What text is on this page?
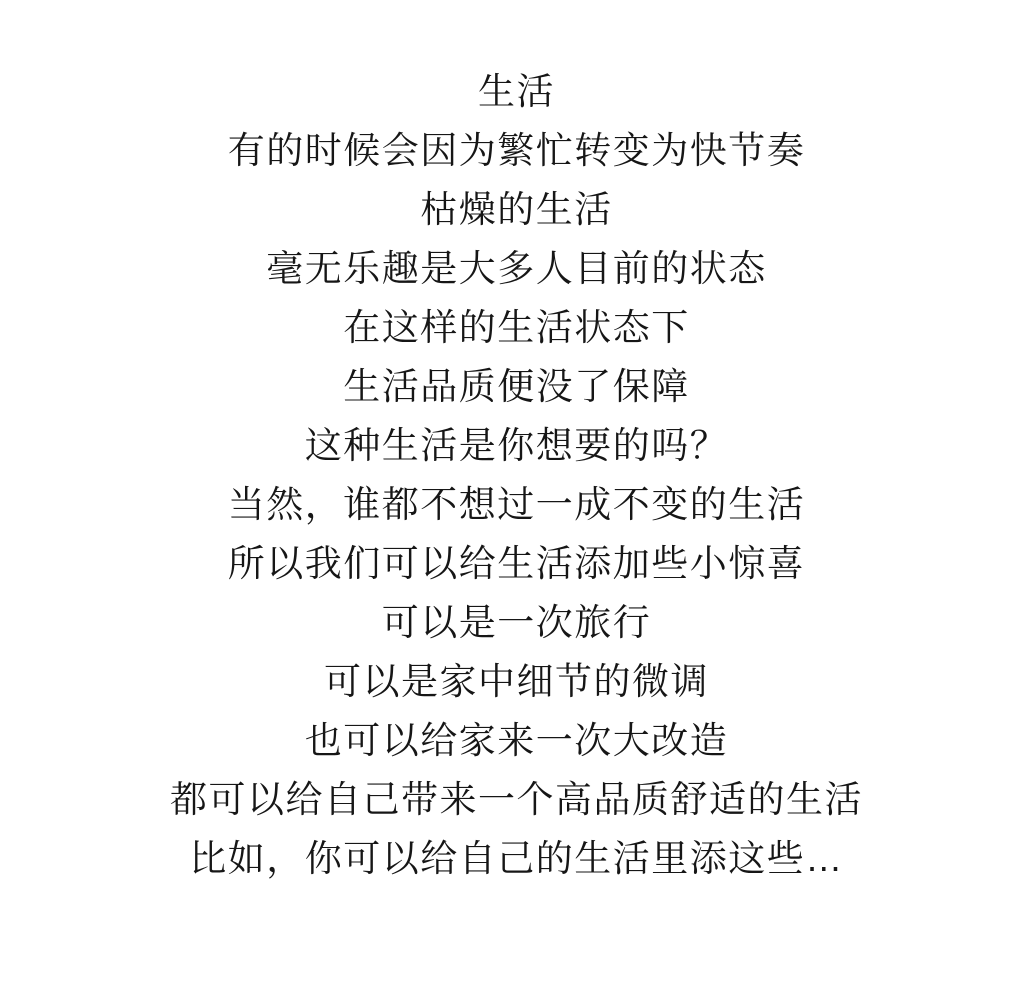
生活
有的时候会因为繁忙转变为快节奏
枯燥的生活
毫无乐趣是大多人目前的状态
在这样的生活状态下
生活品质便没了保障
这种生活是你想要的吗？
当然，谁都不想过一成不变的生活
所以我们可以给生活添加些小惊喜
可以是一次旅行
可以是家中细节的微调
也可以给家来一次大改造
都可以给自己带来一个高品质舒适的生活
比如，你可以给自己的生活里添这些…
